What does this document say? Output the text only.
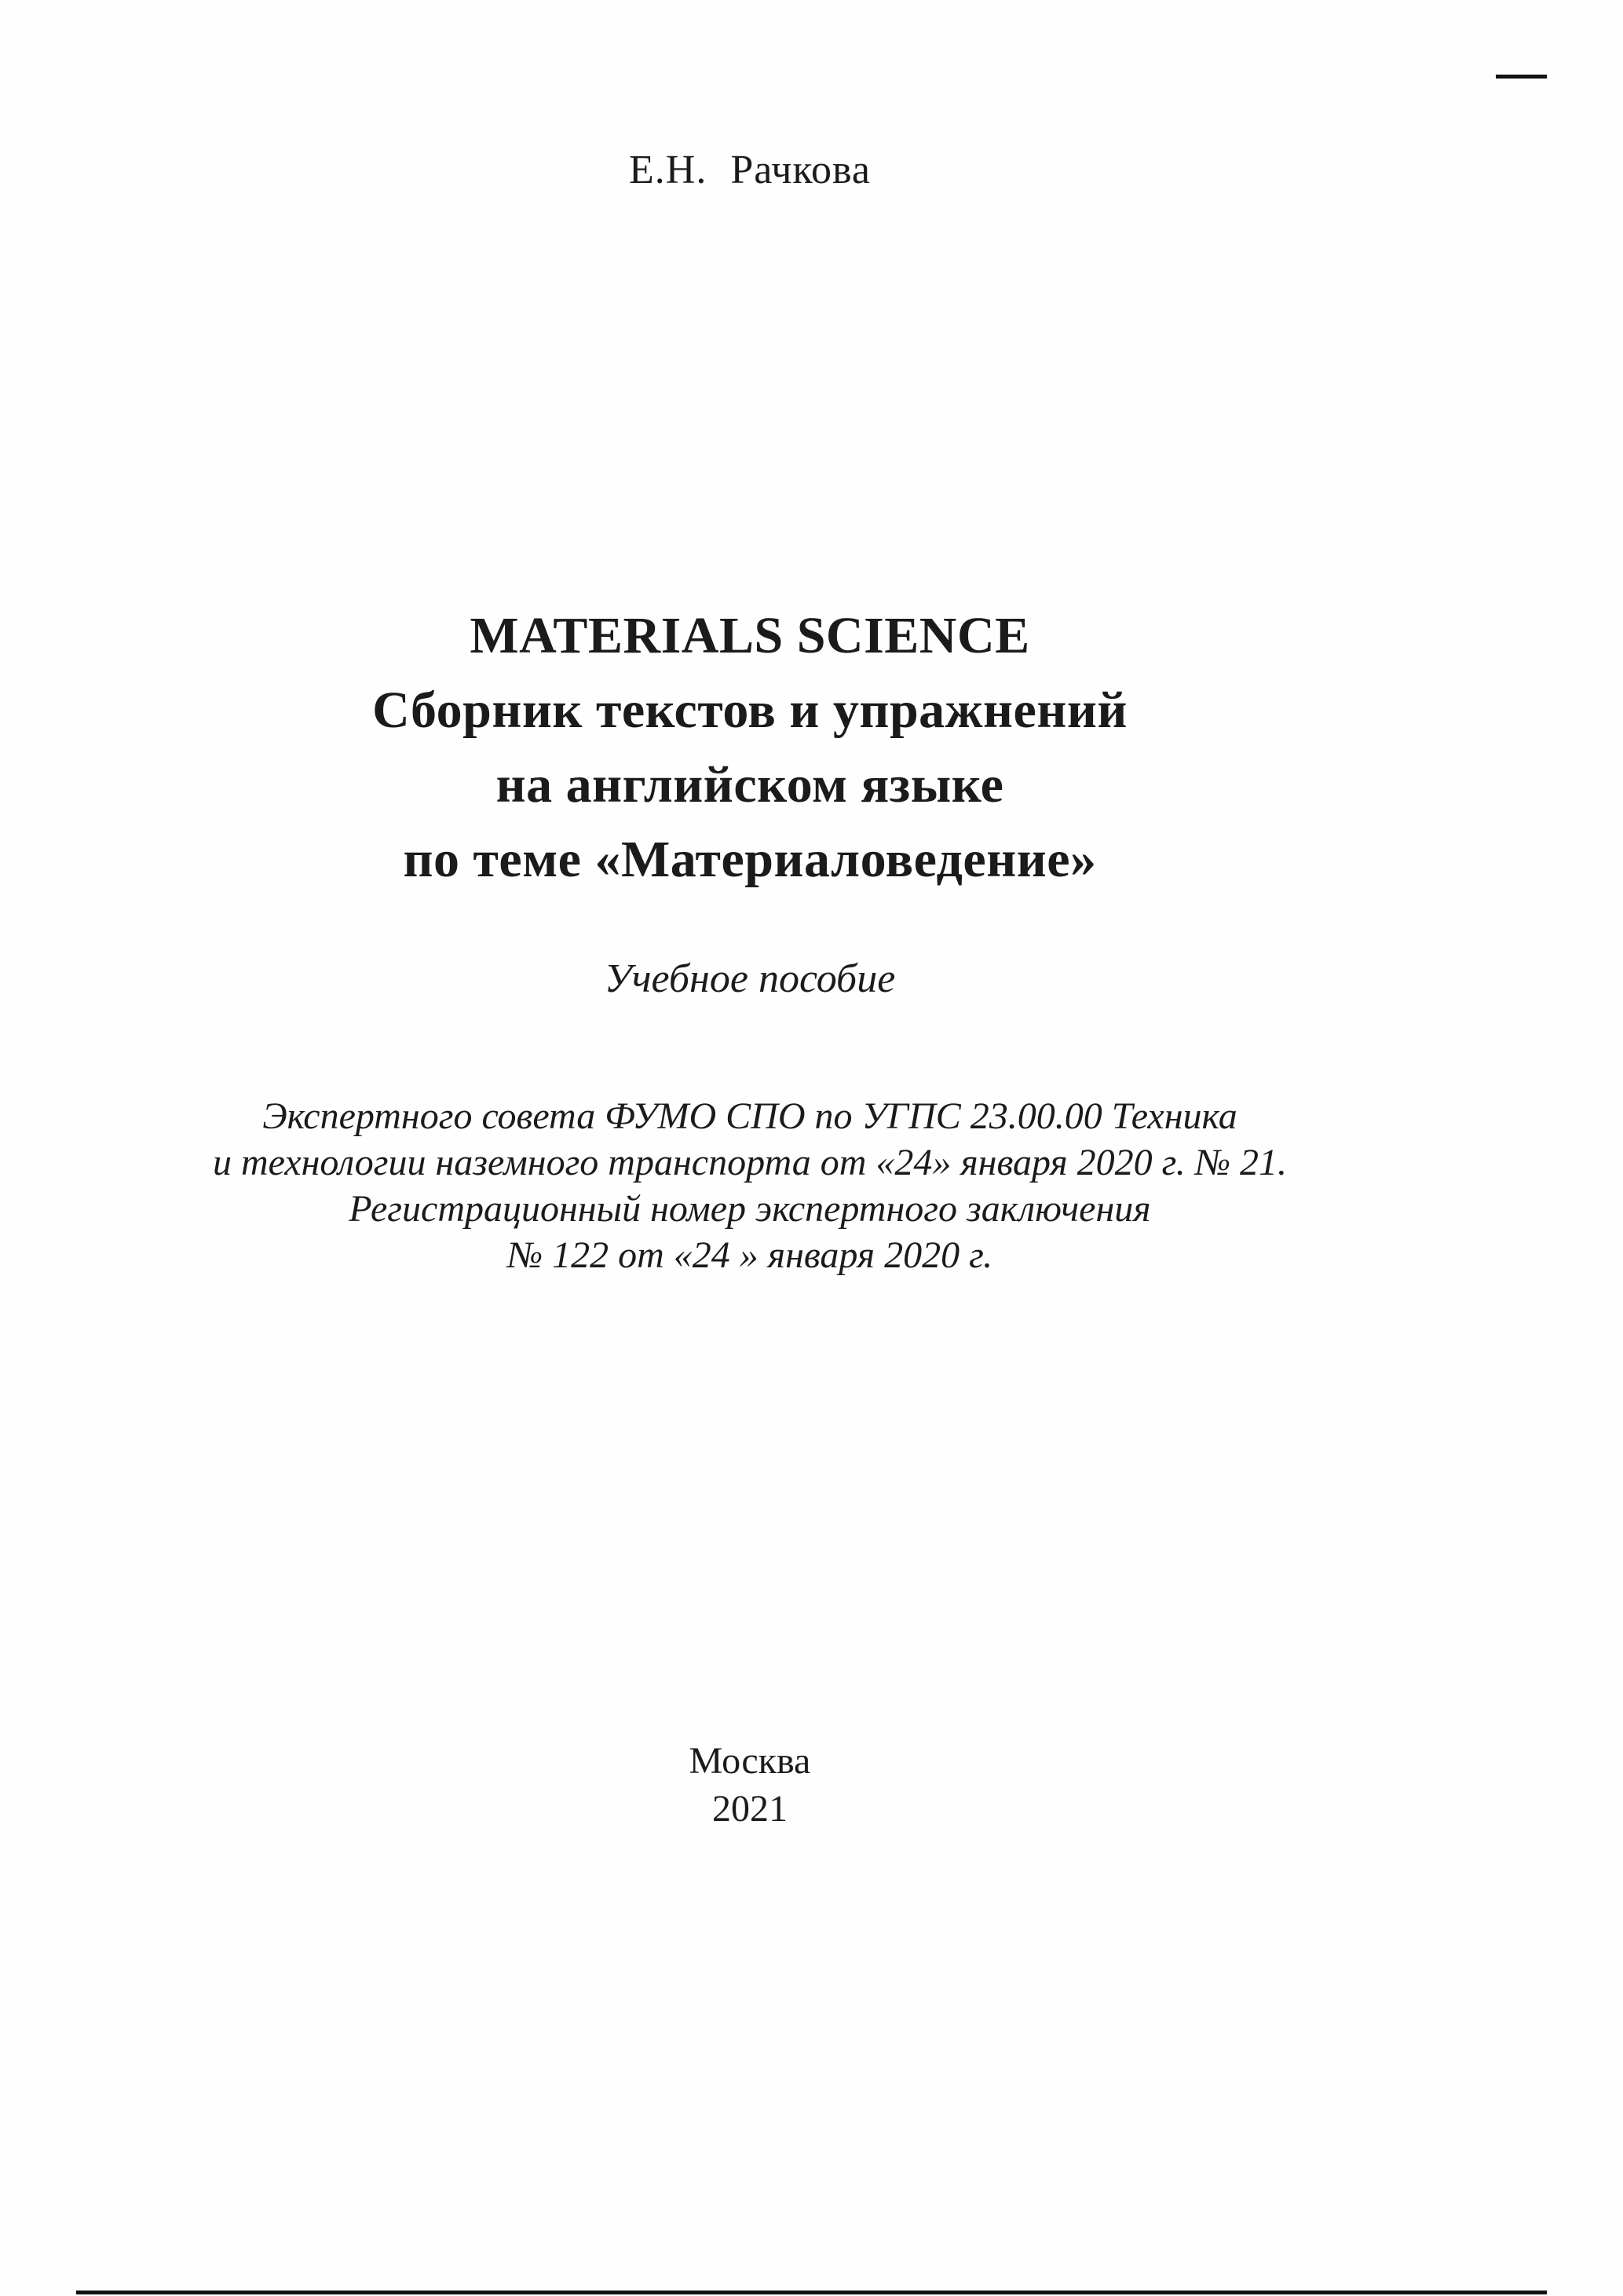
Е.Н. Рачкова
MATERIALS SCIENCE
Сборник текстов и упражнений
на английском языке
по теме «Материаловедение»
Учебное пособие
Экспертного совета ФУМО СПО по УГПС 23.00.00 Техника
и технологии наземного транспорта от «24» января 2020 г. № 21.
Регистрационный номер экспертного заключения
№ 122 от «24 » января 2020 г.
Москва
2021
